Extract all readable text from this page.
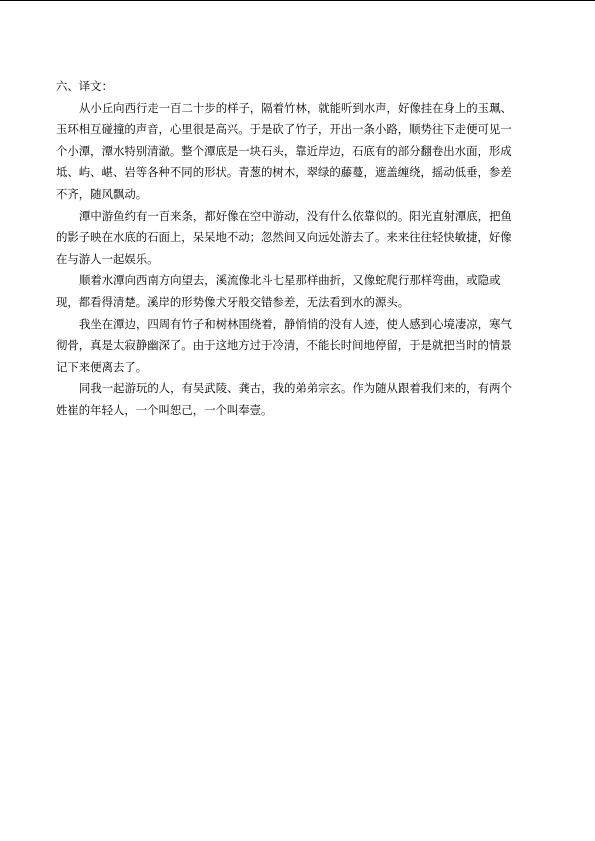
六、译文：

从小丘向西行走一百二十步的样子，隔着竹林，就能听到水声，好像挂在身上的玉珮、
玉环相互碰撞的声音，心里很是高兴。于是砍了竹子，开出一条小路，顺势往下走便可见一
个小潭，潭水特别清澈。整个潭底是一块石头，靠近岸边，石底有的部分翻卷出水面，形成
坻、屿、嵁、岩等各种不同的形状。青葱的树木，翠绿的藤蔓，遮盖缠绕，摇动低垂，参差
不齐，随风飘动。

潭中游鱼约有一百来条，都好像在空中游动，没有什么依靠似的。阳光直射潭底，把鱼
的影子映在水底的石面上，呆呆地不动；忽然间又向远处游去了。来来往往轻快敏捷，好像
在与游人一起娱乐。

顺着水潭向西南方向望去，溪流像北斗七星那样曲折，又像蛇爬行那样弯曲，或隐或
现，都看得清楚。溪岸的形势像犬牙般交错参差，无法看到水的源头。

我坐在潭边，四周有竹子和树林围绕着，静悄悄的没有人迹，使人感到心境凄凉，寒气
彻骨，真是太寂静幽深了。由于这地方过于冷清，不能长时间地停留，于是就把当时的情景
记下来便离去了。

同我一起游玩的人，有吴武陵、龚古，我的弟弟宗玄。作为随从跟着我们来的，有两个
姓崔的年轻人，一个叫恕己，一个叫奉壹。
